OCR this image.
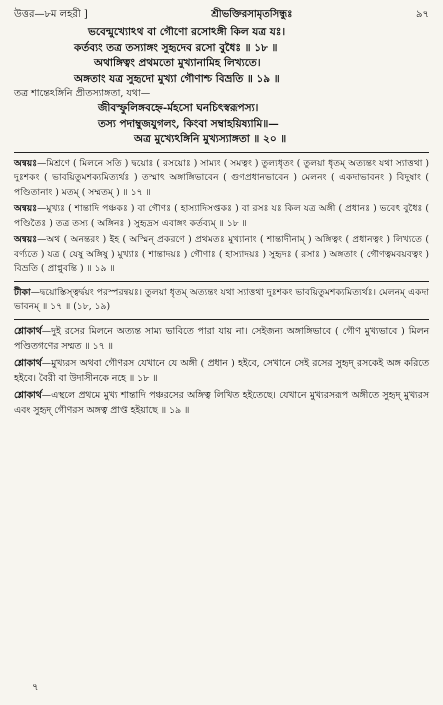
উত্তর—৮ম লহরী ]	শ্রীভক্তিরসামৃতসিন্ধুঃ	৯৭
ভবেন্মুখ্যোঽথ বা গৌণো রসোঽঙ্গী কিল যত্র যঃ।
কর্তব্যং তত্র তস্যাঙ্গং সুহৃদেব রসো বুধৈঃ ॥ ১৮ ॥
অথাঙ্গিত্বং প্রথমতো মুখ্যানামিহ লিখ্যতে।
অঙ্গতাং যত্র সুহৃদো মুখ্যা গৌণাশ্চ বিভ্রতি ॥ ১৯ ॥
তত্র শান্তেঽঙ্গিনি প্রীতস্যাঙ্গতা, যথা—
জীবস্ফুলিঙ্গবহ্নে-র্মহসো ঘনচিৎস্বরূপস্য।
তস্য পদাম্বুজযুগলং, কিংবা সম্বাহয়িষ্যামি॥—
অত্র মুখ্যেঽঙ্গিনি মুখ্যস্যাঙ্গতা ॥ ২০ ॥

অন্বয়ঃ—মিশ্রণে ( মিলনে সতি ) দ্বয়োঃ ( রসয়োঃ ) সাম্যং ( সমত্বং ) তুল্যধৃতং ( তুলয়া ধৃতম্ অত্যন্তং যথা স্যাত্তথা ) দুঃশকং ( ভাবয়িতুমশক্যমিত্যর্থঃ ) তস্মাৎ অঙ্গাঙ্গিভাবেন ( গুণপ্রধানভাবেন ) মেলনং ( একদাভাবনং ) বিদুষাং ( পণ্ডিতানাং ) মতম্ ( সম্মতম্ ) ॥ ১৭ ॥

অন্বয়ঃ—মুখ্যঃ ( শান্তাদি পঞ্চকঃ ) বা গৌণঃ ( হাস্যাদিসপ্তকঃ ) বা রসঃ যঃ কিল যত্র অঙ্গী ( প্রধানঃ ) ভবেৎ বুধৈঃ ( পণ্ডিতৈঃ ) তত্র তস্য ( অঙ্গিনঃ ) সুহৃদ্রস এবাঙ্গং কর্তব্যম্ ॥ ১৮ ॥

অন্বয়ঃ—অথ ( অনন্তরং ) ইহ ( অস্মিন্ প্রকরণে ) প্রথমতঃ মুখ্যানাং ( শান্তাদীনাম্ ) অঙ্গিত্বং ( প্রধানত্বং ) লিখ্যতে ( বর্ণ্যতে ) যত্র ( যেষু অঙ্গিষু ) মুখ্যাঃ ( শান্তাদয়ঃ ) গৌণাঃ ( হাস্যাদয়ঃ ) সুহৃদঃ ( রসাঃ ) অঙ্গতাং ( গৌণত্বমবয়বত্বং ) বিভ্রতি ( প্রাপ্নুবন্তি ) ॥ ১৯ ॥

টীকা—দ্বয়োস্তিস্ত্বর্দ্বয়ং পরস্পরন্বয়ঃ। তুলয়া ধৃতম্ অত্যন্তং যথা স্যাত্তথা দুঃশকং ভাবয়িতুমশক্যমিত্যর্থঃ। মেলনম্ একদা ভাবনম্ ॥ ১৭ ॥ (১৮, ১৯)

শ্লোকার্থ—দুই রসের মিলনে অত্যন্ত সাম্য ভাবিতে পারা যায় না। সেইজন্য অঙ্গাঙ্গিভাবে ( গৌণ মুখ্যভাবে ) মিলন পণ্ডিতগণের সম্মত ॥ ১৭ ॥

শ্লোকার্থ—মুখ্যরস অথবা গৌণরস যেখানে যে অঙ্গী ( প্রধান ) হইবে, সেখানে সেই রসের সুহৃদ্ রসকেই অঙ্গ করিতে হইবে। বৈরী বা উদাসীনকে নহে ॥ ১৮ ॥

শ্লোকার্থ—এস্থলে প্রথমে মুখ্য শান্তাদি পঞ্চরসের অঙ্গিত্ব লিখিত হইতেছে। যেখানে মুখ্যরসরূপ অঙ্গীতে সুহৃদ্ মুখ্যরস এবং সুহৃদ্ গৌণরস অঙ্গত্ব প্রাপ্ত হইয়াছে ॥ ১৯ ॥

৭
